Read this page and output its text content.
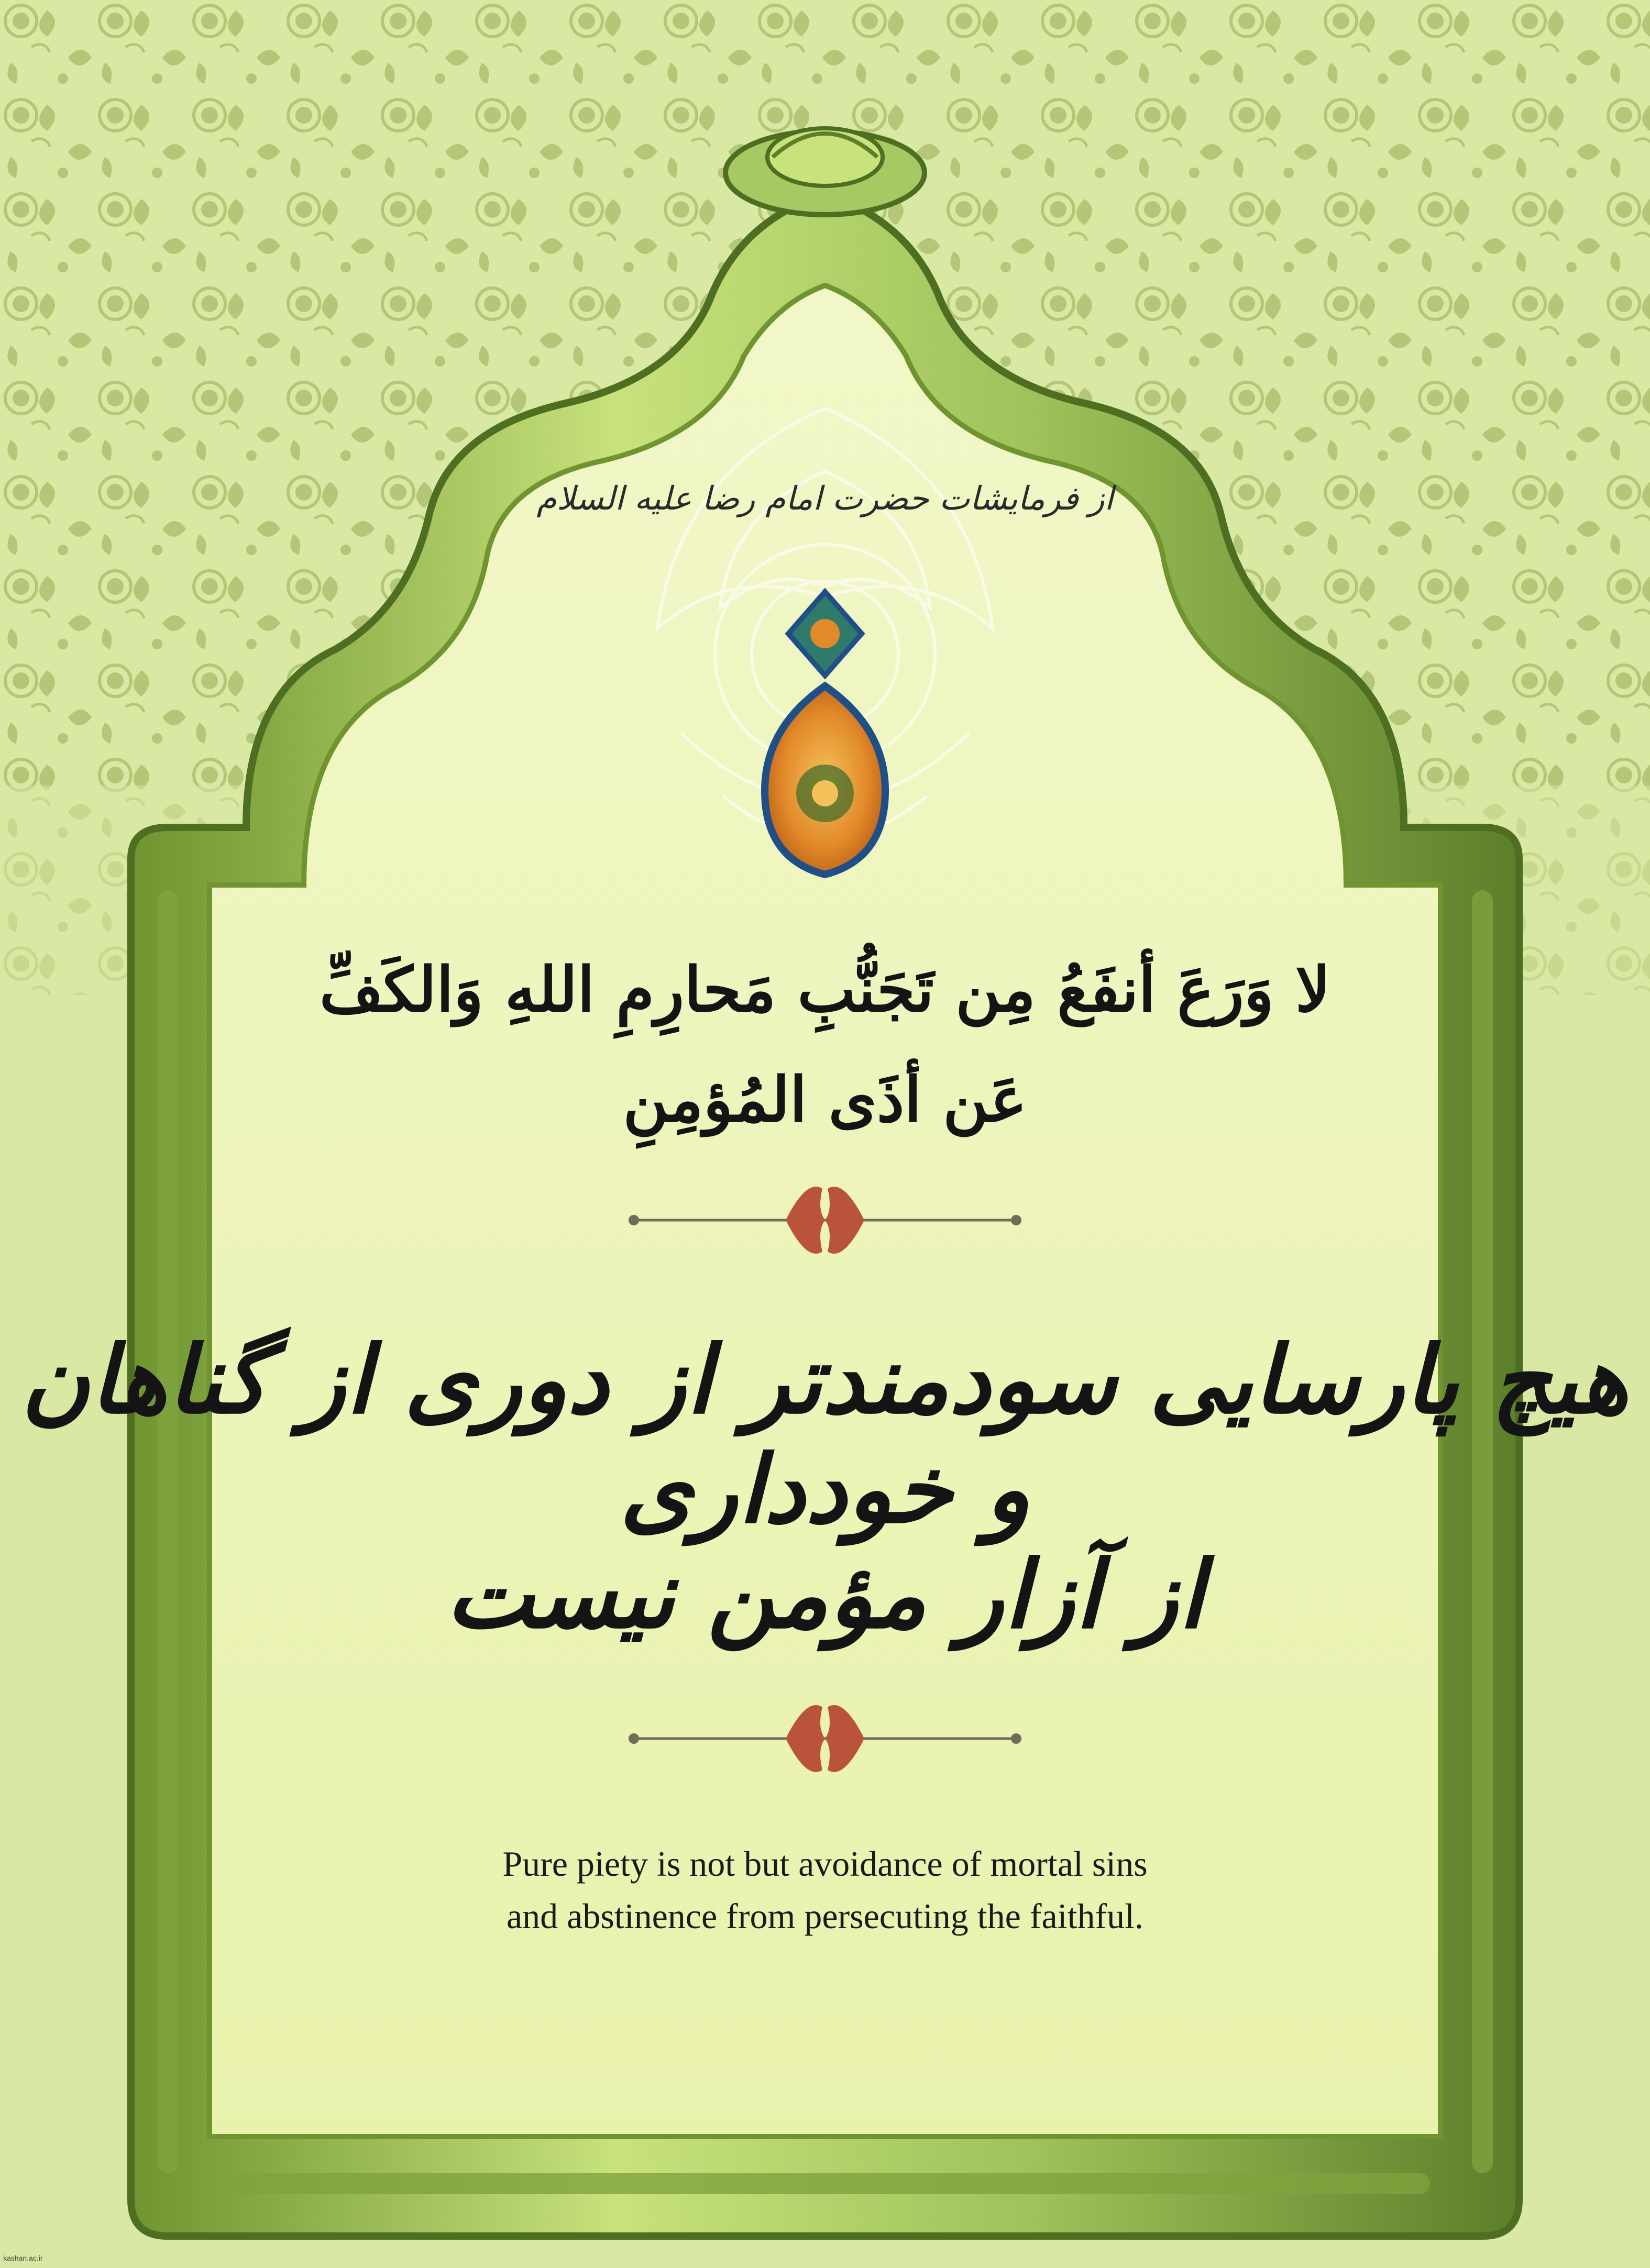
از فرمایشات حضرت امام رضا علیه السلام

لا وَرَعَ أنفَعُ مِن تَجَنُّبِ مَحارِمِ اللهِ وَالكَفِّ

عَن أذَى المُؤمِنِ

هیچ پارسایی سودمندتر از دوری از گناهان و خودداری

از آزار مؤمن نیست

Pure piety is not but avoidance of mortal sins

and abstinence from persecuting the faithful.

kashan.ac.ir
